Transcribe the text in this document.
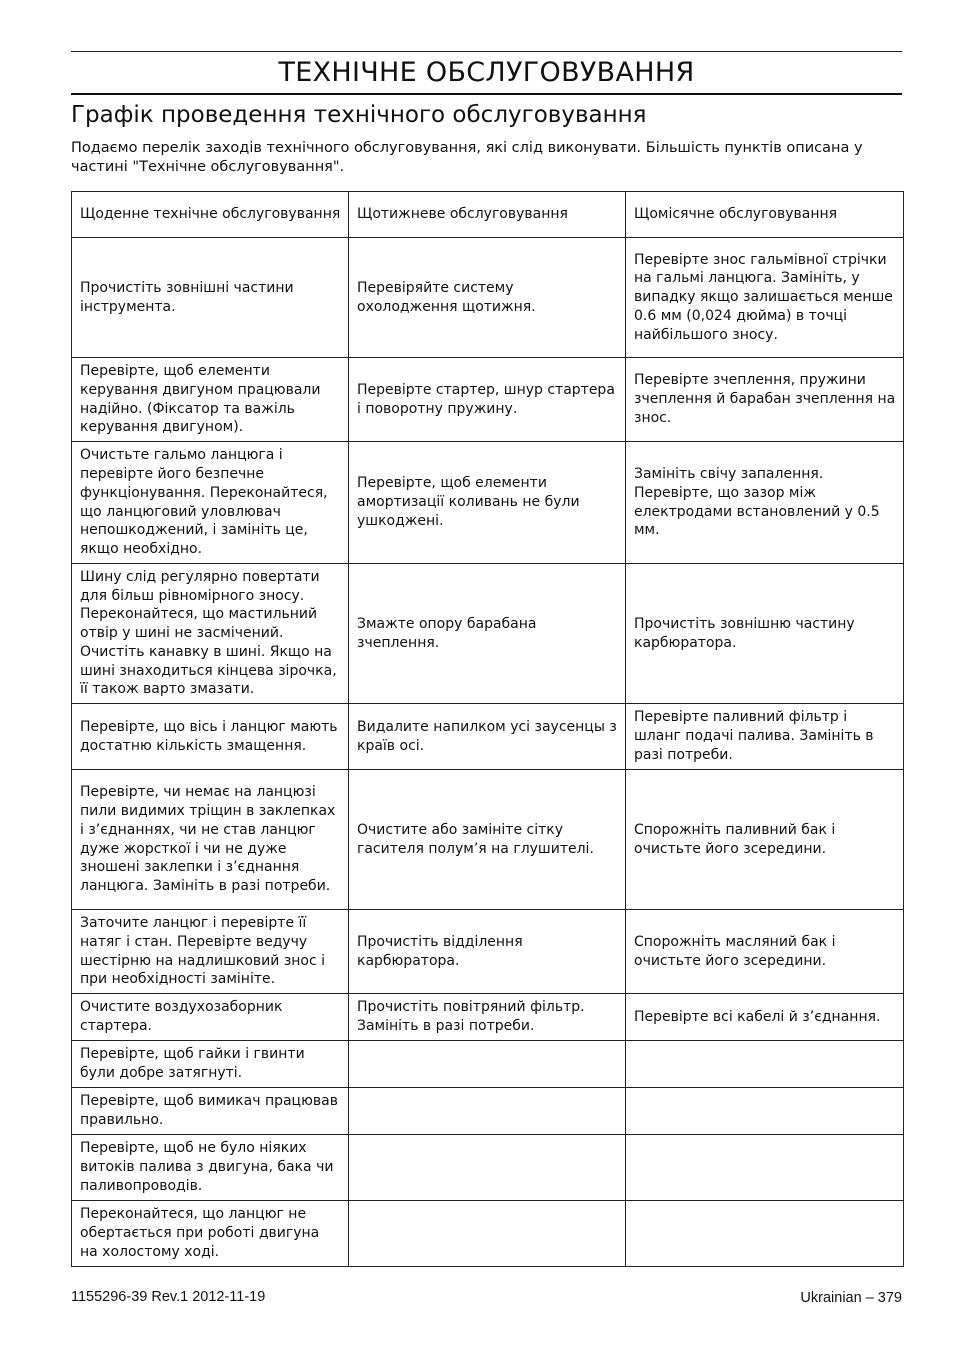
ТЕХНІЧНЕ ОБСЛУГОВУВАННЯ
Графік проведення технічного обслуговування

Подаємо перелік заходів технічного обслуговування, які слід виконувати. Більшість пунктів описана у частині "Технічне обслуговування".

Щоденне технічне обслуговування	Щотижневе обслуговування	Щомісячне обслуговування
Прочистіть зовнішні частини інструмента.	Перевіряйте систему охолодження щотижня.	Перевірте знос гальмівної стрічки на гальмі ланцюга. Замініть, у випадку якщо залишається менше 0.6 мм (0,024 дюйма) в точці найбільшого зносу.
Перевірте, щоб елементи керування двигуном працювали надійно. (Фіксатор та важіль керування двигуном).	Перевірте стартер, шнур стартера і поворотну пружину.	Перевірте зчеплення, пружини зчеплення й барабан зчеплення на знос.
Очистьте гальмо ланцюга і перевірте його безпечне функціонування. Переконайтеся, що ланцюговий уловлювач непошкоджений, і замініть це, якщо необхідно.	Перевірте, щоб елементи амортизації коливань не були ушкоджені.	Замініть свічу запалення. Перевірте, що зазор між електродами встановлений у 0.5 мм.
Шину слід регулярно повертати для більш рівномірного зносу. Переконайтеся, що мастильний отвір у шині не засмічений. Очистіть канавку в шині. Якщо на шині знаходиться кінцева зірочка, її також варто змазати.	Змажте опору барабана зчеплення.	Прочистіть зовнішню частину карбюратора.
Перевірте, що вісь і ланцюг мають достатню кількість змащення.	Видалите напилком усі заусенцы з країв осі.	Перевірте паливний фільтр і шланг подачі палива. Замініть в разі потреби.
Перевірте, чи немає на ланцюзі пили видимих тріщин в заклепках і з’єднаннях, чи не став ланцюг дуже жорсткої і чи не дуже зношені заклепки і з’єднання ланцюга. Замініть в разі потреби.	Очистите або замініте сітку гасителя полум’я на глушителі.	Спорожніть паливний бак і очистьте його зсередини.
Заточите ланцюг і перевірте її натяг і стан. Перевірте ведучу шестірню на надлишковий знос і при необхідності замініте.	Прочистіть відділення карбюратора.	Спорожніть масляний бак і очистьте його зсередини.
Очистите воздухозаборник стартера.	Прочистіть повітряний фільтр. Замініть в разі потреби.	Перевірте всі кабелі й з’єднання.
Перевірте, щоб гайки і гвинти були добре затягнуті.		
Перевірте, щоб вимикач працював правильно.		
Перевірте, щоб не було ніяких витоків палива з двигуна, бака чи паливопроводів.		
Переконайтеся, що ланцюг не обертається при роботі двигуна на холостому ході.		
1155296-39 Rev.1 2012-11-19	Ukrainian – 379
